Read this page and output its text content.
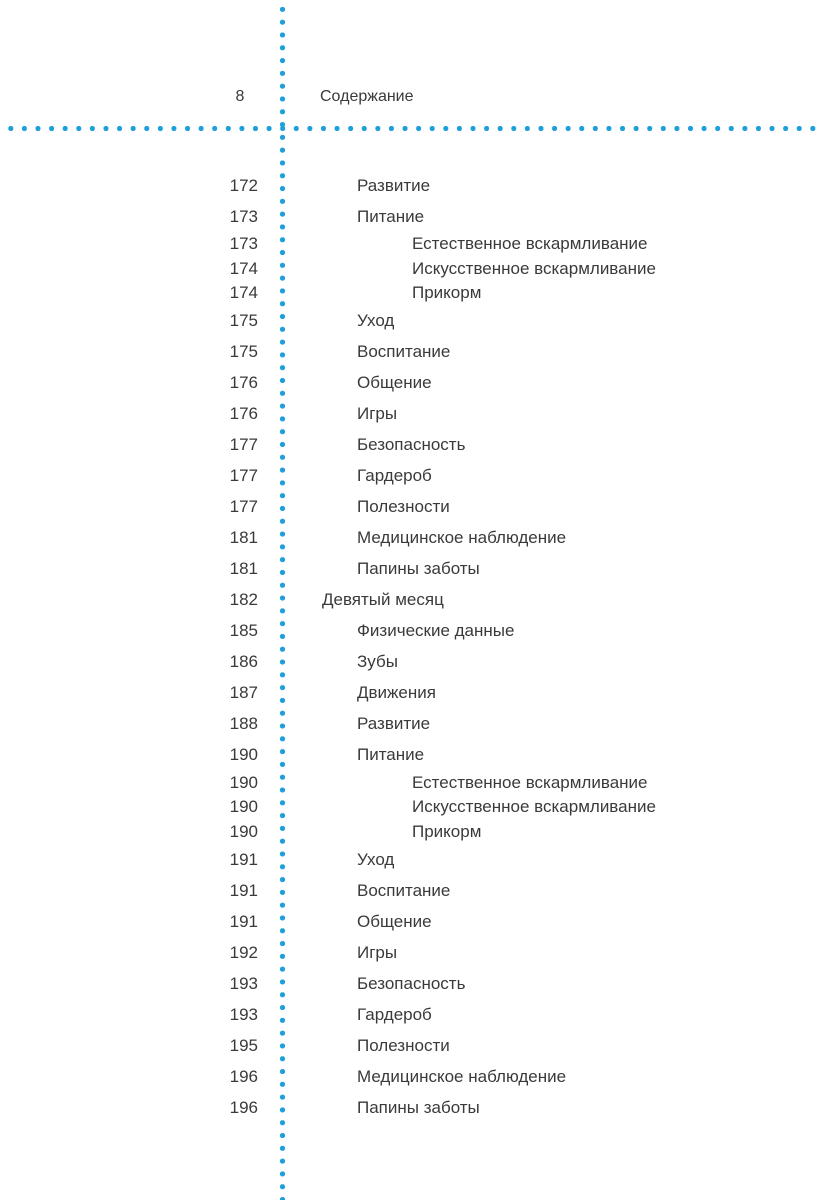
8	Содержание
172	Развитие
173	Питание
173	Естественное вскармливание
174	Искусственное вскармливание
174	Прикорм
175	Уход
175	Воспитание
176	Общение
176	Игры
177	Безопасность
177	Гардероб
177	Полезности
181	Медицинское наблюдение
181	Папины заботы
182	Девятый месяц
185	Физические данные
186	Зубы
187	Движения
188	Развитие
190	Питание
190	Естественное вскармливание
190	Искусственное вскармливание
190	Прикорм
191	Уход
191	Воспитание
191	Общение
192	Игры
193	Безопасность
193	Гардероб
195	Полезности
196	Медицинское наблюдение
196	Папины заботы
